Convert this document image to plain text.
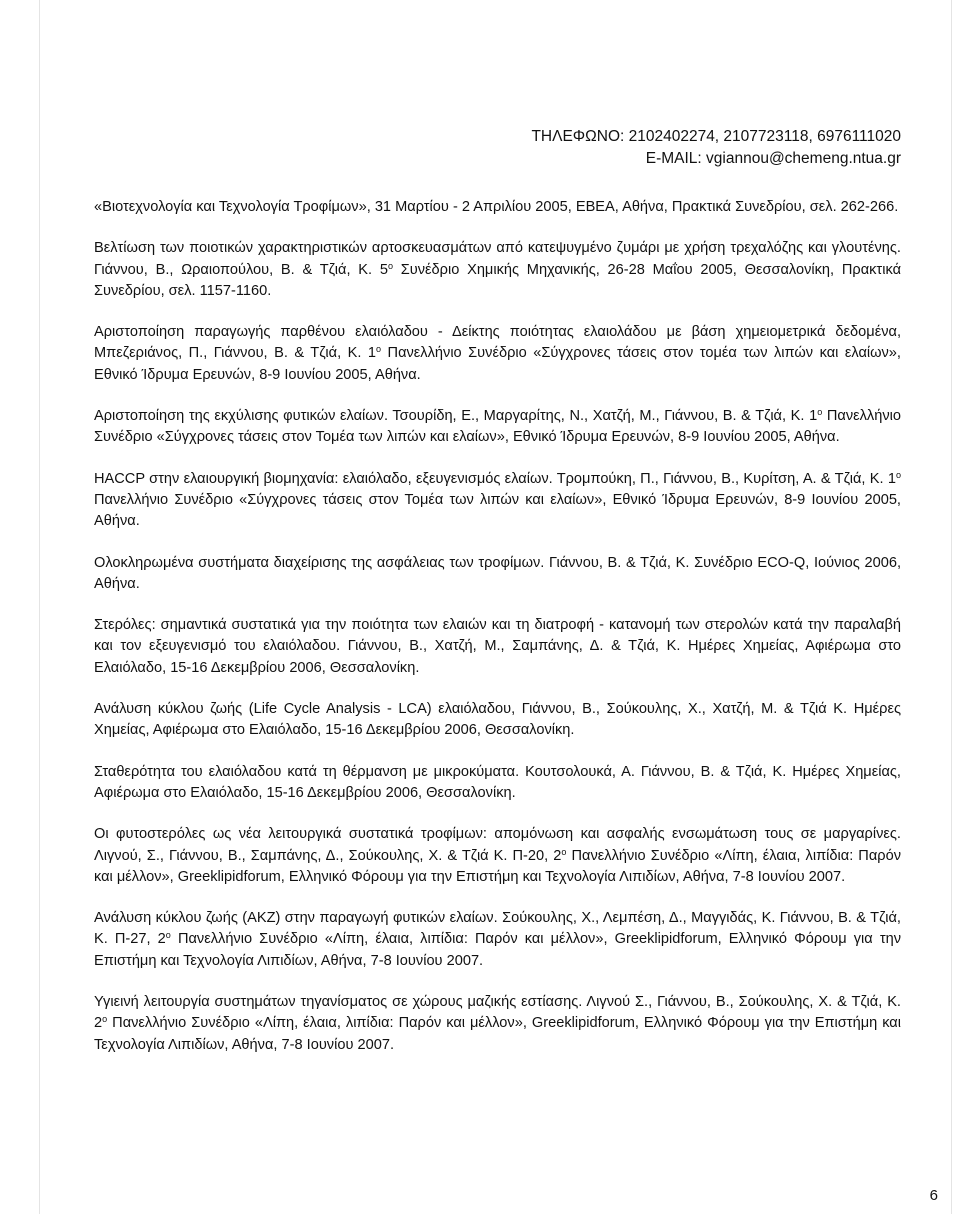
ΤΗΛΕΦΩΝΟ: 2102402274, 2107723118, 6976111020
E-MAIL: vgiannou@chemeng.ntua.gr

«Βιοτεχνολογία και Τεχνολογία Τροφίμων», 31 Μαρτίου - 2 Απριλίου 2005, ΕΒΕΑ, Αθήνα, Πρακτικά Συνεδρίου, σελ. 262-266.

Βελτίωση των ποιοτικών χαρακτηριστικών αρτοσκευασμάτων από κατεψυγμένο ζυμάρι με χρήση τρεχαλόζης και γλουτένης. Γιάννου, Β., Ωραιοπούλου, Β. & Τζιά, Κ. $5^o$ Συνέδριο Χημικής Μηχανικής, 26-28 Μαΐου 2005, Θεσσαλονίκη, Πρακτικά Συνεδρίου, σελ. 1157-1160.

Αριστοποίηση παραγωγής παρθένου ελαιόλαδου - Δείκτης ποιότητας ελαιολάδου με βάση χημειομετρικά δεδομένα, Μπεζεριάνος, Π., Γιάννου, Β. & Τζιά, Κ. $1^o$ Πανελλήνιο Συνέδριο «Σύγχρονες τάσεις στον τομέα των λιπών και ελαίων», Εθνικό Ίδρυμα Ερευνών, 8-9 Ιουνίου 2005, Αθήνα.

Αριστοποίηση της εκχύλισης φυτικών ελαίων. Τσουρίδη, Ε., Μαργαρίτης, Ν., Χατζή, Μ., Γιάννου, Β. & Τζιά, Κ. $1^o$ Πανελλήνιο Συνέδριο «Σύγχρονες τάσεις στον Τομέα των λιπών και ελαίων», Εθνικό Ίδρυμα Ερευνών, 8-9 Ιουνίου 2005, Αθήνα.

HACCP στην ελαιουργική βιομηχανία: ελαιόλαδο, εξευγενισμός ελαίων. Τρομπούκη, Π., Γιάννου, Β., Κυρίτση, Α. & Τζιά, Κ. $1^o$ Πανελλήνιο Συνέδριο «Σύγχρονες τάσεις στον Τομέα των λιπών και ελαίων», Εθνικό Ίδρυμα Ερευνών, 8-9 Ιουνίου 2005, Αθήνα.

Ολοκληρωμένα συστήματα διαχείρισης της ασφάλειας των τροφίμων. Γιάννου, Β. & Τζιά, Κ. Συνέδριο ECO-Q, Ιούνιος 2006, Αθήνα.

Στερόλες: σημαντικά συστατικά για την ποιότητα των ελαιών και τη διατροφή - κατανομή των στερολών κατά την παραλαβή και τον εξευγενισμό του ελαιόλαδου. Γιάννου, Β., Χατζή, Μ., Σαμπάνης, Δ. & Τζιά, Κ. Ημέρες Χημείας, Αφιέρωμα στο Ελαιόλαδο, 15-16 Δεκεμβρίου 2006, Θεσσαλονίκη.

Ανάλυση κύκλου ζωής (Life Cycle Analysis - LCA) ελαιόλαδου, Γιάννου, Β., Σούκουλης, Χ., Χατζή, Μ. & Τζιά Κ. Ημέρες Χημείας, Αφιέρωμα στο Ελαιόλαδο, 15-16 Δεκεμβρίου 2006, Θεσσαλονίκη.

Σταθερότητα του ελαιόλαδου κατά τη θέρμανση με μικροκύματα. Κουτσολουκά, Α. Γιάννου, Β. & Τζιά, Κ. Ημέρες Χημείας, Αφιέρωμα στο Ελαιόλαδο, 15-16 Δεκεμβρίου 2006, Θεσσαλονίκη.

Οι φυτοστερόλες ως νέα λειτουργικά συστατικά τροφίμων: απομόνωση και ασφαλής ενσωμάτωση τους σε μαργαρίνες. Λιγνού, Σ., Γιάννου, Β., Σαμπάνης, Δ., Σούκουλης, Χ. & Τζιά Κ. Π-20, $2^o$ Πανελλήνιο Συνέδριο «Λίπη, έλαια, λιπίδια: Παρόν και μέλλον», Greeklipidforum, Ελληνικό Φόρουμ για την Επιστήμη και Τεχνολογία Λιπιδίων, Αθήνα, 7-8 Ιουνίου 2007.

Ανάλυση κύκλου ζωής (ΑΚΖ) στην παραγωγή φυτικών ελαίων. Σούκουλης, Χ., Λεμπέση, Δ., Μαγγιδάς, Κ. Γιάννου, Β. & Τζιά, Κ. Π-27, $2^o$ Πανελλήνιο Συνέδριο «Λίπη, έλαια, λιπίδια: Παρόν και μέλλον», Greeklipidforum, Ελληνικό Φόρουμ για την Επιστήμη και Τεχνολογία Λιπιδίων, Αθήνα, 7-8 Ιουνίου 2007.

Υγιεινή λειτουργία συστημάτων τηγανίσματος σε χώρους μαζικής εστίασης. Λιγνού Σ., Γιάννου, Β., Σούκουλης, Χ. & Τζιά, Κ. $2^o$ Πανελλήνιο Συνέδριο «Λίπη, έλαια, λιπίδια: Παρόν και μέλλον», Greeklipidforum, Ελληνικό Φόρουμ για την Επιστήμη και Τεχνολογία Λιπιδίων, Αθήνα, 7-8 Ιουνίου 2007.

6
